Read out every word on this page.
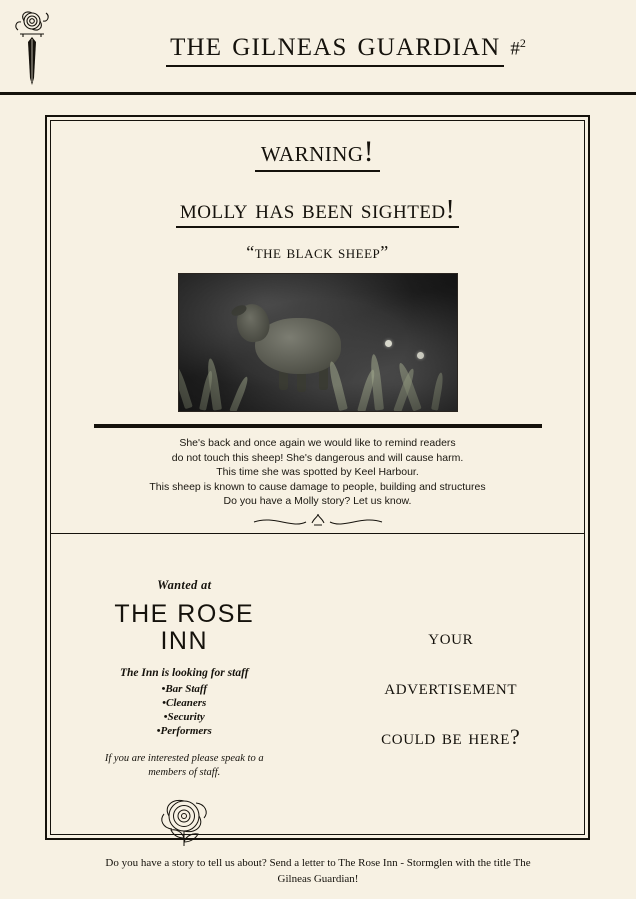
the gilneas guardian #$^2$
warning!
molly has been sighted!
“the black sheep”
She's back and once again we would like to remind readers
do not touch this sheep! She's dangerous and will cause harm.
This time she was spotted by Keel Harbour.
This sheep is known to cause damage to people, building and structures
Do you have a Molly story? Let us know.
Wanted at
THE ROSE
INN
The Inn is looking for staff
•Bar Staff
•Cleaners
•Security
•Performers
If you are interested please speak to a
members of staff.
your
advertisement
could be here?
Do you have a story to tell us about? Send a letter to The Rose Inn - Stormglen with the title The
Gilneas Guardian!
